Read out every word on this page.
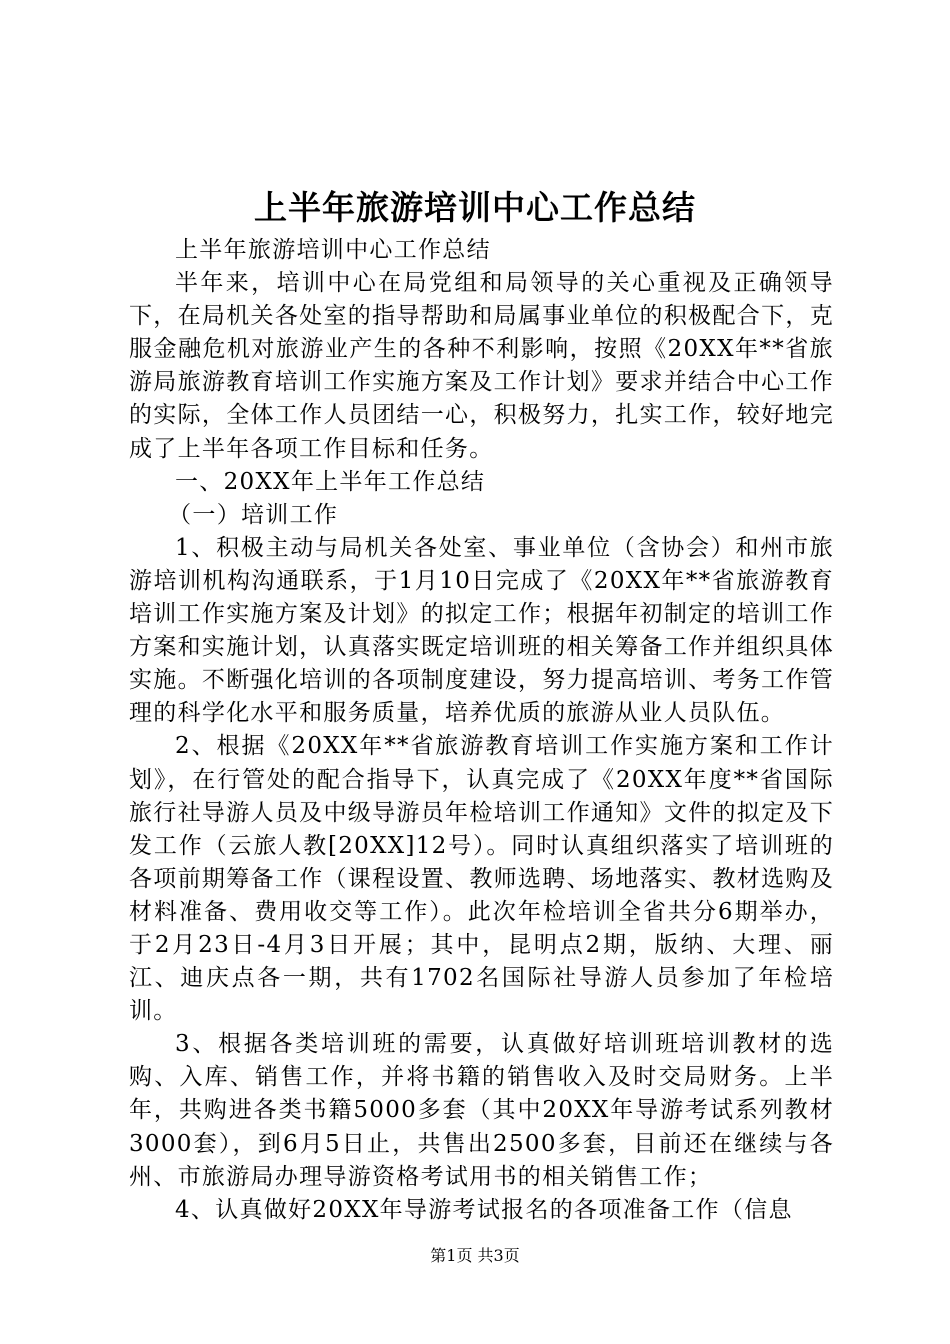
上半年旅游培训中心工作总结

上半年旅游培训中心工作总结

半年来，培训中心在局党组和局领导的关心重视及正确领导下，在局机关各处室的指导帮助和局属事业单位的积极配合下，克服金融危机对旅游业产生的各种不利影响，按照《20XX年**省旅游局旅游教育培训工作实施方案及工作计划》要求并结合中心工作的实际，全体工作人员团结一心，积极努力，扎实工作，较好地完成了上半年各项工作目标和任务。

一、20XX年上半年工作总结

（一）培训工作

1、积极主动与局机关各处室、事业单位（含协会）和州市旅游培训机构沟通联系，于1月10日完成了《20XX年**省旅游教育培训工作实施方案及计划》的拟定工作；根据年初制定的培训工作方案和实施计划，认真落实既定培训班的相关筹备工作并组织具体实施。不断强化培训的各项制度建设，努力提高培训、考务工作管理的科学化水平和服务质量，培养优质的旅游从业人员队伍。

2、根据《20XX年**省旅游教育培训工作实施方案和工作计划》，在行管处的配合指导下，认真完成了《20XX年度**省国际旅行社导游人员及中级导游员年检培训工作通知》文件的拟定及下发工作（云旅人教[20XX]12号）。同时认真组织落实了培训班的各项前期筹备工作（课程设置、教师选聘、场地落实、教材选购及材料准备、费用收交等工作）。此次年检培训全省共分6期举办，于2月23日-4月3日开展；其中，昆明点2期，版纳、大理、丽江、迪庆点各一期，共有1702名国际社导游人员参加了年检培训。

3、根据各类培训班的需要，认真做好培训班培训教材的选购、入库、销售工作，并将书籍的销售收入及时交局财务。上半年，共购进各类书籍5000多套（其中20XX年导游考试系列教材3000套），到6月5日止，共售出2500多套，目前还在继续与各州、市旅游局办理导游资格考试用书的相关销售工作；

4、认真做好20XX年导游考试报名的各项准备工作（信息

第1页 共3页
